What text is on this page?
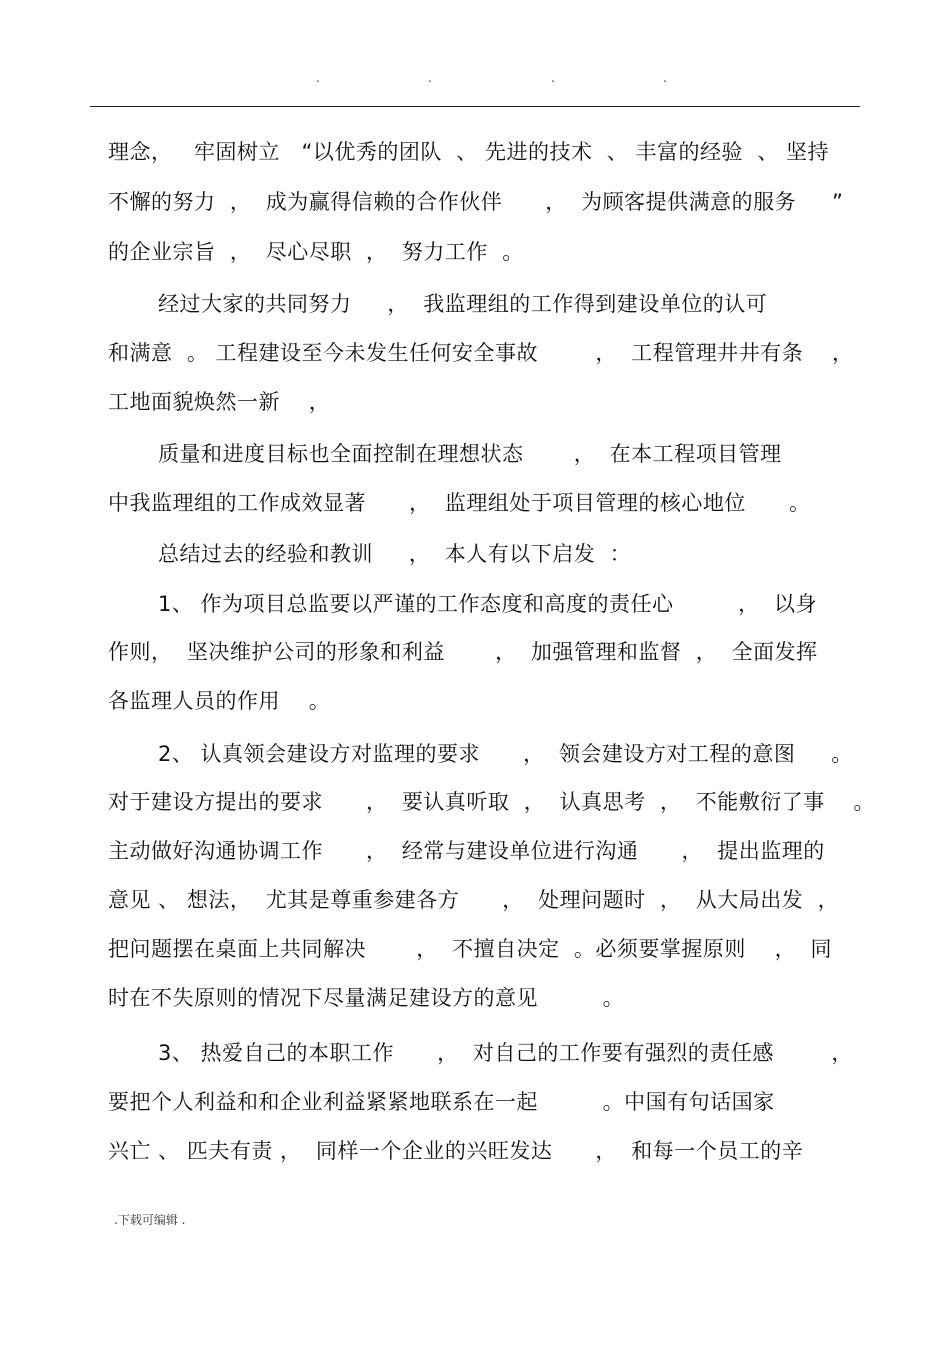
.	.	.	.
理念，   牢固树立   “以优秀的团队  、 先进的技术  、 丰富的经验  、 坚持
不懈的努力  ，  成为赢得信赖的合作伙伴      ，  为顾客提供满意的服务     ”
的企业宗旨  ，  尽心尽职  ，  努力工作  。
经过大家的共同努力     ，  我监理组的工作得到建设单位的认可
和满意  。 工程建设至今未发生任何安全事故        ，  工程管理井井有条    ，
工地面貌焕然一新    ，
质量和进度目标也全面控制在理想状态       ，  在本工程项目管理
中我监理组的工作成效显著      ，  监理组处于项目管理的核心地位      。
总结过去的经验和教训     ，  本人有以下启发  ：
1、 作为项目总监要以严谨的工作态度和高度的责任心         ，  以身
作则，  坚决维护公司的形象和利益       ，  加强管理和监督  ，  全面发挥
各监理人员的作用    。
2、 认真领会建设方对监理的要求      ，  领会建设方对工程的意图     。
对于建设方提出的要求      ，  要认真听取  ，  认真思考  ，  不能敷衍了事    。
主动做好沟通协调工作      ，  经常与建设单位进行沟通      ，  提出监理的
意见 、 想法，  尤其是尊重参建各方      ，  处理问题时  ，  从大局出发  ，
把问题摆在桌面上共同解决       ，  不擅自决定  。必须要掌握原则    ，  同
时在不失原则的情况下尽量满足建设方的意见         。
3、 热爱自己的本职工作      ，  对自己的工作要有强烈的责任感        ，
要把个人利益和和企业利益紧紧地联系在一起         。中国有句话国家
兴亡 、 匹夫有责 ，  同样一个企业的兴旺发达      ，  和每一个员工的辛
.下载可编辑 .
